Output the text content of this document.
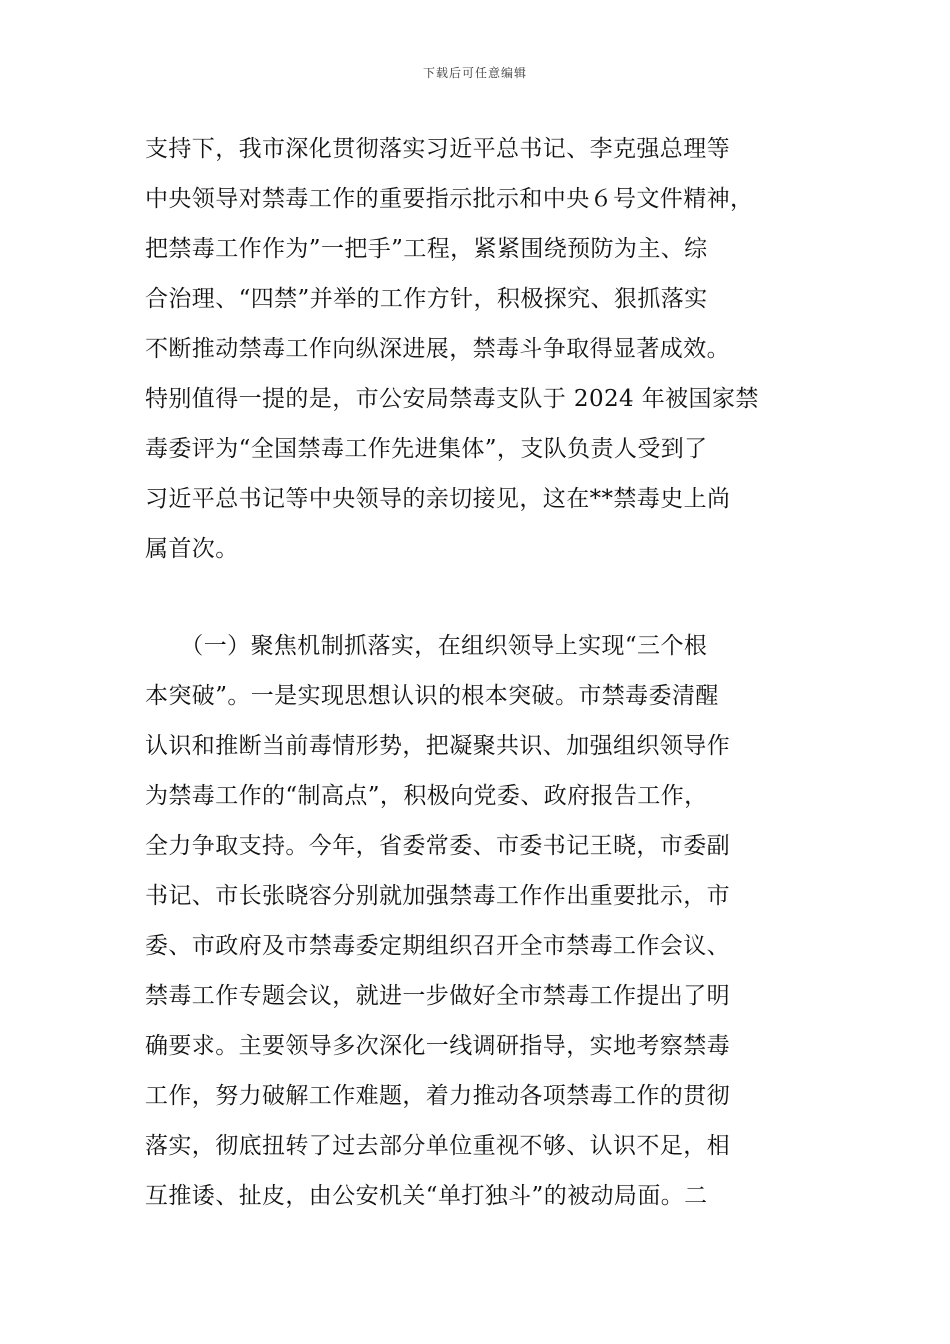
下载后可任意编辑
支持下，我市深化贯彻落实习近平总书记、李克强总理等
中央领导对禁毒工作的重要指示批示和中央６号文件精神，
把禁毒工作作为”一把手”工程，紧紧围绕预防为主、综
合治理、“四禁”并举的工作方针，积极探究、狠抓落实
不断推动禁毒工作向纵深进展，禁毒斗争取得显著成效。
特别值得一提的是，市公安局禁毒支队于 2024 年被国家禁
毒委评为“全国禁毒工作先进集体”，支队负责人受到了
习近平总书记等中央领导的亲切接见，这在**禁毒史上尚
属首次。
　　（一）聚焦机制抓落实，在组织领导上实现“三个根
本突破”。一是实现思想认识的根本突破。市禁毒委清醒
认识和推断当前毒情形势，把凝聚共识、加强组织领导作
为禁毒工作的“制高点”，积极向党委、政府报告工作，
全力争取支持。今年，省委常委、市委书记王晓，市委副
书记、市长张晓容分别就加强禁毒工作作出重要批示，市
委、市政府及市禁毒委定期组织召开全市禁毒工作会议、
禁毒工作专题会议，就进一步做好全市禁毒工作提出了明
确要求。主要领导多次深化一线调研指导，实地考察禁毒
工作，努力破解工作难题，着力推动各项禁毒工作的贯彻
落实，彻底扭转了过去部分单位重视不够、认识不足，相
互推诿、扯皮，由公安机关“单打独斗”的被动局面。二
